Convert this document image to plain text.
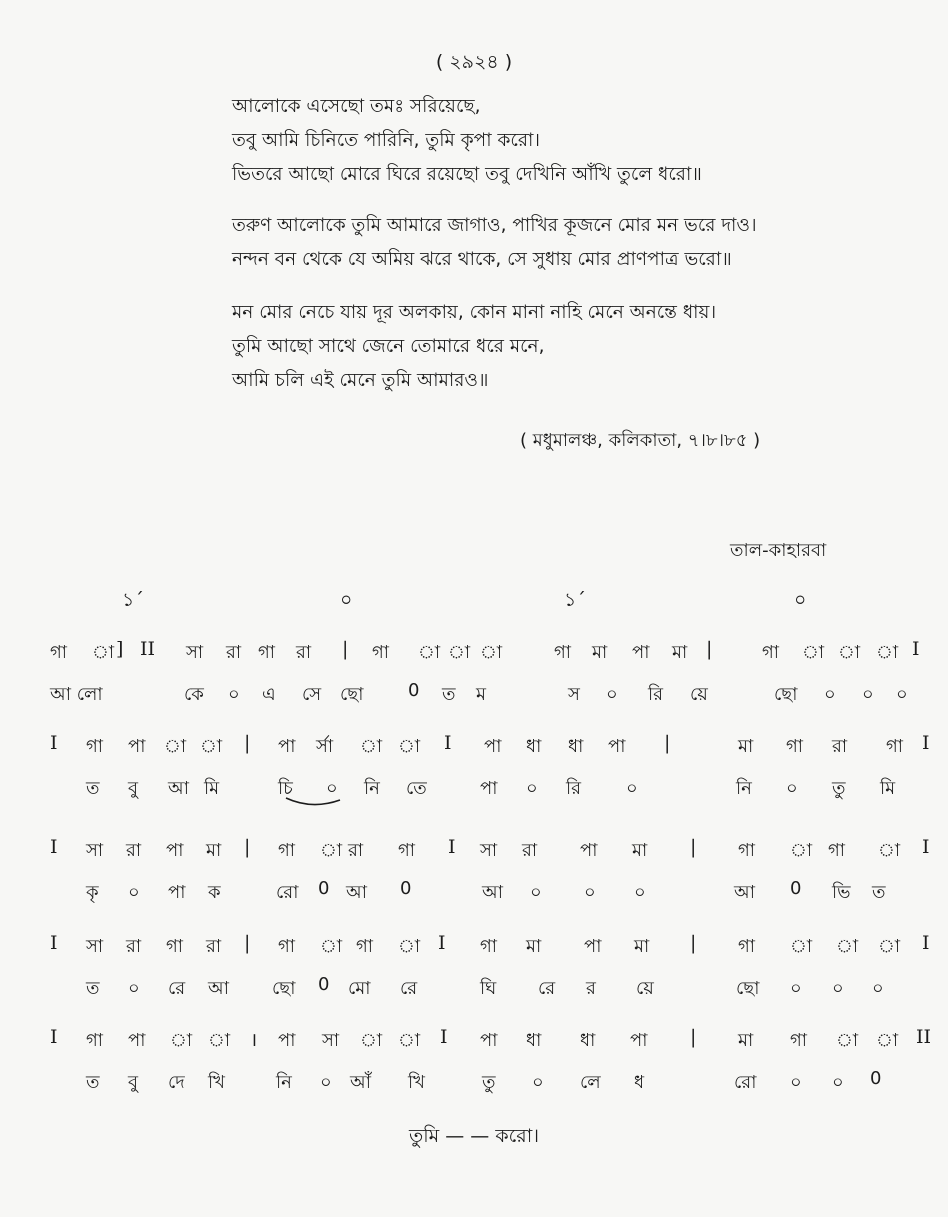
( ২৯২৪ )
আলোকে এসেছো তমঃ সরিয়েছে,
তবু আমি চিনিতে পারিনি, তুমি কৃপা করো।
ভিতরে আছো মোরে ঘিরে রয়েছো তবু দেখিনি আঁখি তুলে ধরো॥
তরুণ আলোকে তুমি আমারে জাগাও, পাখির কূজনে মোর মন ভরে দাও।
নন্দন বন থেকে যে অমিয় ঝরে থাকে, সে সুধায় মোর প্রাণপাত্র ভরো॥
মন মোর নেচে যায় দূর অলকায়, কোন মানা নাহি মেনে অনন্তে ধায়।
তুমি আছো সাথে জেনে তোমারে ধরে মনে,
আমি চলি এই মেনে তুমি আমারও॥
( মধুমালঞ্চ, কলিকাতা, ৭।৮।৮৫ )
তাল-কাহারবা
১´	০	১´	০
গা া ] II সা রা গা রা | গা া া া	গা মা পা মা |	গা া া া I
আ লো	কে ০ এ সে ছো 0 ত ম	স ০ রি য়ে	ছো ০ ০ ০
I গা পা া া | পা র্সা া া I পা ধা ধা পা |	মা গা রা গা I
ত বু আ মি	চি ০ নি তে	পা ০ রি ০	নি ০ তু মি
I সা রা পা মা | গা া রা গা I সা রা পা মা | গা া গা া I
কৃ ০ পা ক	রো 0 আ 0	আ ০ ০ ০	আ 0 ভি ত
I সা রা গা রা | গা া গা া I গা মা পা মা | গা া া া I
ত ০ রে আ ছো 0 মো রে	ঘি রে র য়ে	ছো ০ ০ ০
I গা পা া া । পা সা া া I পা ধা ধা পা | মা গা া া II
ত বু দে খি	নি ০ আঁ খি	তু ০ লে ধ	রো ০ ০ 0
তুমি — — করো।
